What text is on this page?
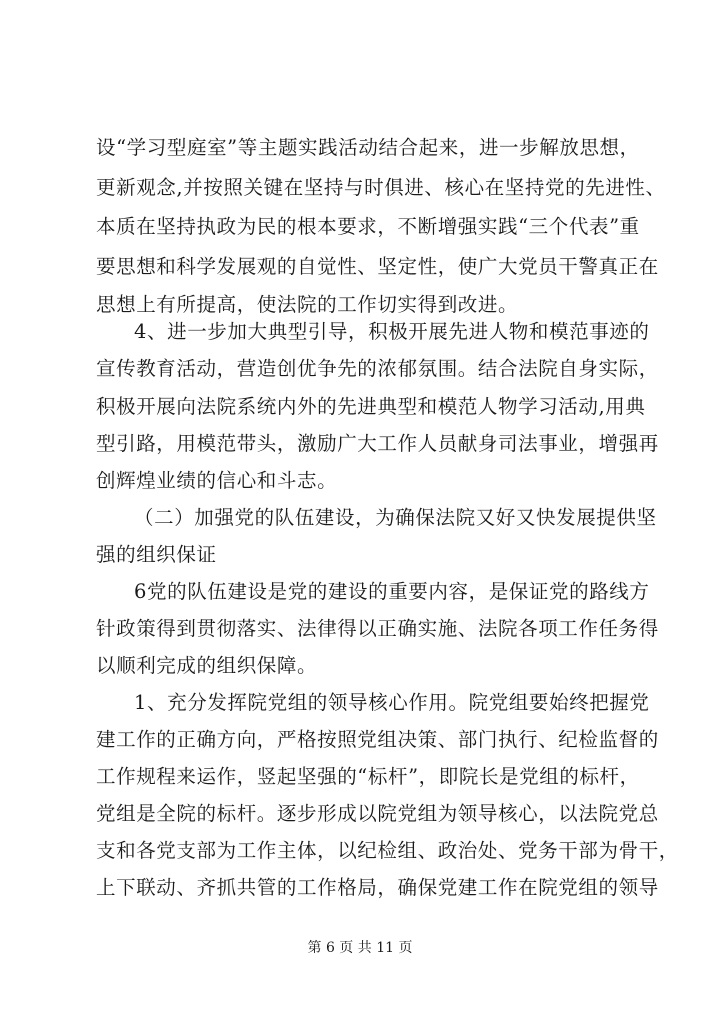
设“学习型庭室”等主题实践活动结合起来，进一步解放思想，
更新观念,并按照关键在坚持与时俱进、核心在坚持党的先进性、
本质在坚持执政为民的根本要求，不断增强实践“三个代表”重
要思想和科学发展观的自觉性、坚定性，使广大党员干警真正在
思想上有所提高，使法院的工作切实得到改进。
4、进一步加大典型引导，积极开展先进人物和模范事迹的
宣传教育活动，营造创优争先的浓郁氛围。结合法院自身实际，
积极开展向法院系统内外的先进典型和模范人物学习活动,用典
型引路，用模范带头，激励广大工作人员献身司法事业，增强再
创辉煌业绩的信心和斗志。
（二）加强党的队伍建设，为确保法院又好又快发展提供坚
强的组织保证
6党的队伍建设是党的建设的重要内容，是保证党的路线方
针政策得到贯彻落实、法律得以正确实施、法院各项工作任务得
以顺利完成的组织保障。
1、充分发挥院党组的领导核心作用。院党组要始终把握党
建工作的正确方向，严格按照党组决策、部门执行、纪检监督的
工作规程来运作，竖起坚强的“标杆”，即院长是党组的标杆，
党组是全院的标杆。逐步形成以院党组为领导核心，以法院党总
支和各党支部为工作主体，以纪检组、政治处、党务干部为骨干，
上下联动、齐抓共管的工作格局，确保党建工作在院党组的领导
第 6 页 共 11 页
